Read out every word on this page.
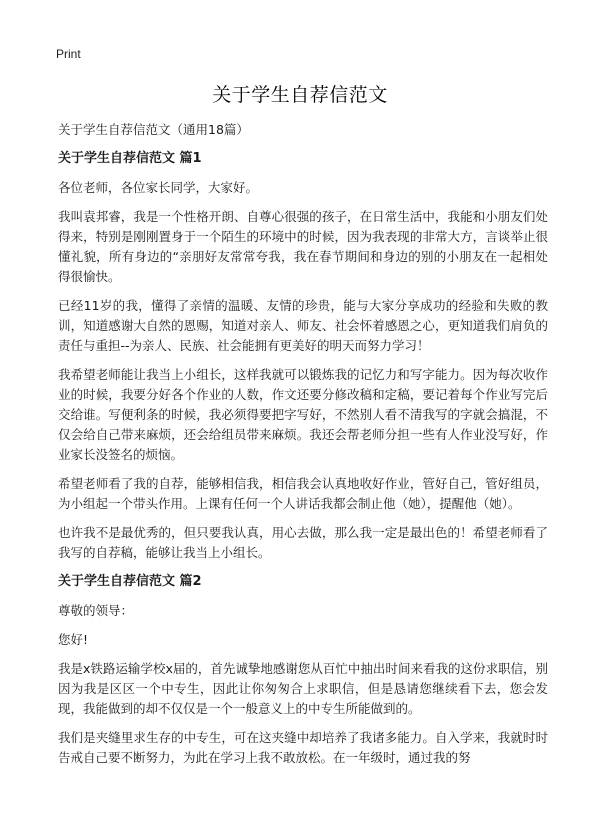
Print
关于学生自荐信范文

关于学生自荐信范文（通用18篇）

关于学生自荐信范文 篇1

各位老师，各位家长同学，大家好。

我叫袁邦睿，我是一个性格开朗、自尊心很强的孩子，在日常生活中，我能和小朋友们处得来，特别是刚刚置身于一个陌生的环境中的时候，因为我表现的非常大方，言谈举止很懂礼貌，所有身边的“亲朋好友常常夸我，我在春节期间和身边的别的小朋友在一起相处得很愉快。

已经11岁的我，懂得了亲情的温暖、友情的珍贵，能与大家分享成功的经验和失败的教训，知道感谢大自然的恩赐，知道对亲人、师友、社会怀着感恩之心，更知道我们肩负的责任与重担--为亲人、民族、社会能拥有更美好的明天而努力学习！

我希望老师能让我当上小组长，这样我就可以锻炼我的记忆力和写字能力。因为每次收作业的时候，我要分好各个作业的人数，作文还要分修改稿和定稿，要记着每个作业写完后交给谁。写便利条的时候，我必须得要把字写好，不然别人看不清我写的字就会搞混，不仅会给自己带来麻烦，还会给组员带来麻烦。我还会帮老师分担一些有人作业没写好，作业家长没签名的烦恼。

希望老师看了我的自荐，能够相信我，相信我会认真地收好作业，管好自己，管好组员，为小组起一个带头作用。上课有任何一个人讲话我都会制止他（她），提醒他（她）。

也许我不是最优秀的，但只要我认真，用心去做，那么我一定是最出色的！希望老师看了我写的自荐稿，能够让我当上小组长。

关于学生自荐信范文 篇2

尊敬的领导：

您好!

我是x铁路运输学校x届的，首先诚挚地感谢您从百忙中抽出时间来看我的这份求职信，别因为我是区区一个中专生，因此让你匆匆合上求职信，但是恳请您继续看下去，您会发现，我能做到的却不仅仅是一个一般意义上的中专生所能做到的。

我们是夹缝里求生存的中专生，可在这夹缝中却培养了我诸多能力。自入学来，我就时时告戒自己要不断努力，为此在学习上我不敢放松。在一年级时，通过我的努
